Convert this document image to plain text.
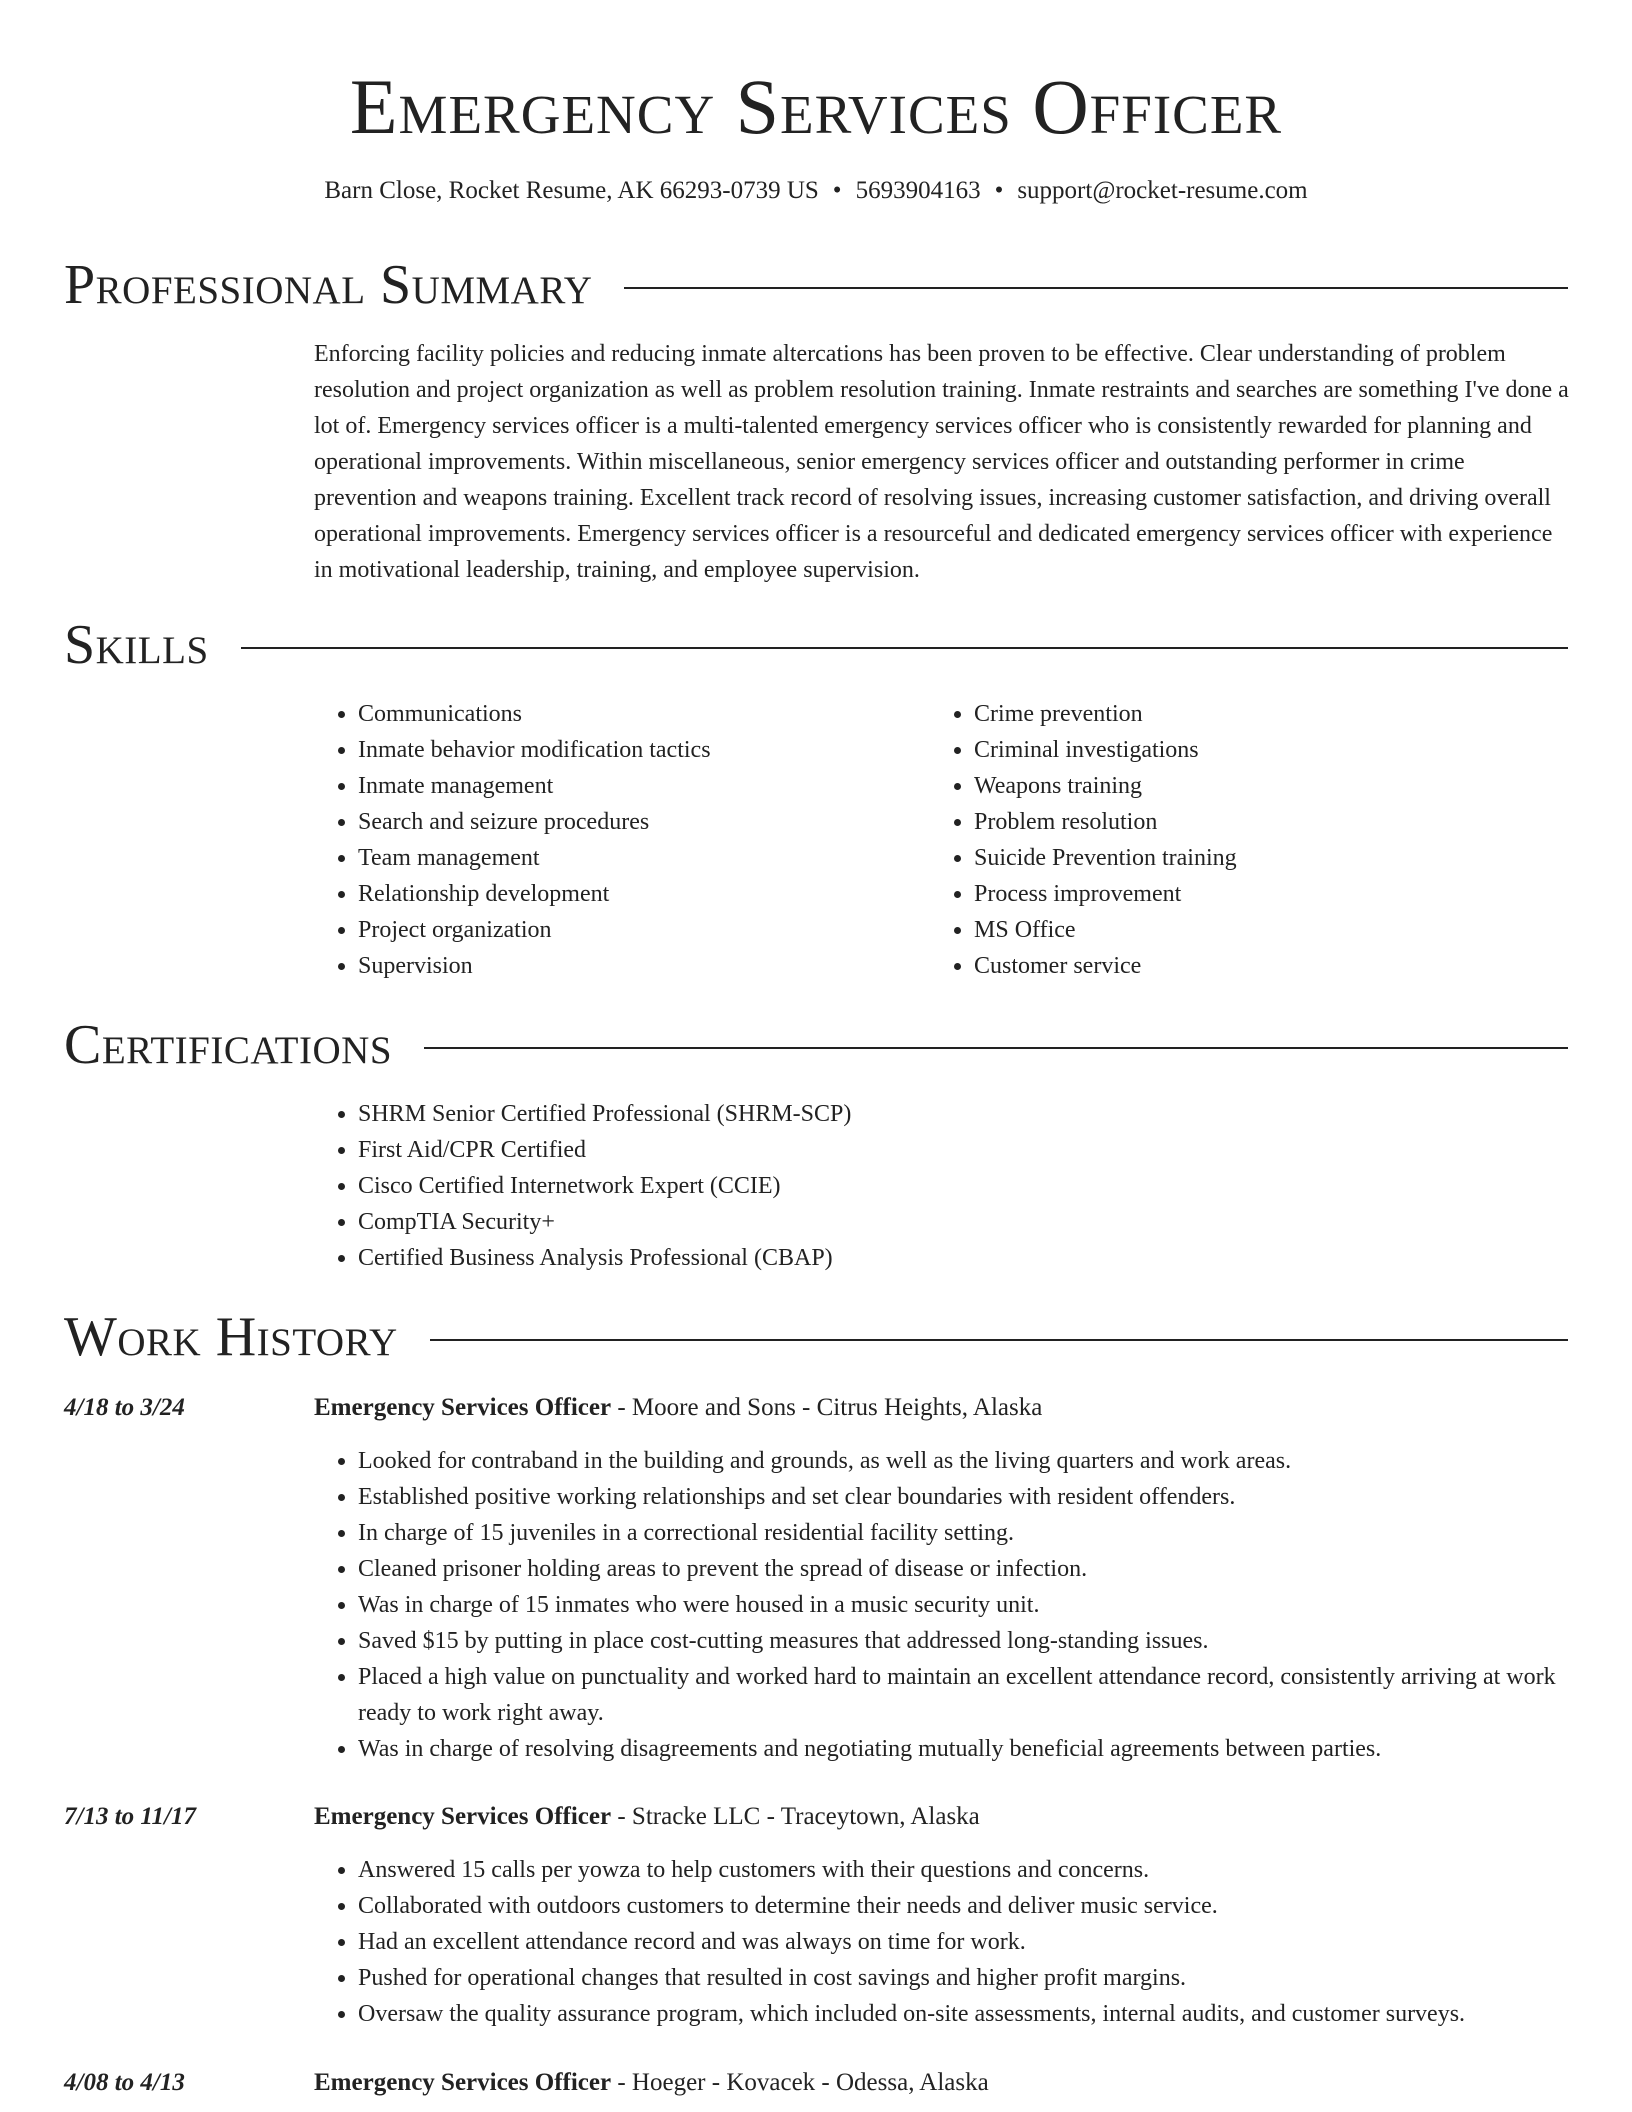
Emergency Services Officer
Barn Close, Rocket Resume, AK 66293-0739 US • 5693904163 • support@rocket-resume.com
Professional Summary
Enforcing facility policies and reducing inmate altercations has been proven to be effective. Clear understanding of problem resolution and project organization as well as problem resolution training. Inmate restraints and searches are something I've done a lot of. Emergency services officer is a multi-talented emergency services officer who is consistently rewarded for planning and operational improvements. Within miscellaneous, senior emergency services officer and outstanding performer in crime prevention and weapons training. Excellent track record of resolving issues, increasing customer satisfaction, and driving overall operational improvements. Emergency services officer is a resourceful and dedicated emergency services officer with experience in motivational leadership, training, and employee supervision.
Skills
• Communications
• Inmate behavior modification tactics
• Inmate management
• Search and seizure procedures
• Team management
• Relationship development
• Project organization
• Supervision
• Crime prevention
• Criminal investigations
• Weapons training
• Problem resolution
• Suicide Prevention training
• Process improvement
• MS Office
• Customer service
Certifications
• SHRM Senior Certified Professional (SHRM-SCP)
• First Aid/CPR Certified
• Cisco Certified Internetwork Expert (CCIE)
• CompTIA Security+
• Certified Business Analysis Professional (CBAP)
Work History
4/18 to 3/24	Emergency Services Officer - Moore and Sons - Citrus Heights, Alaska
• Looked for contraband in the building and grounds, as well as the living quarters and work areas.
• Established positive working relationships and set clear boundaries with resident offenders.
• In charge of 15 juveniles in a correctional residential facility setting.
• Cleaned prisoner holding areas to prevent the spread of disease or infection.
• Was in charge of 15 inmates who were housed in a music security unit.
• Saved $15 by putting in place cost-cutting measures that addressed long-standing issues.
• Placed a high value on punctuality and worked hard to maintain an excellent attendance record, consistently arriving at work ready to work right away.
• Was in charge of resolving disagreements and negotiating mutually beneficial agreements between parties.
7/13 to 11/17	Emergency Services Officer - Stracke LLC - Traceytown, Alaska
• Answered 15 calls per yowza to help customers with their questions and concerns.
• Collaborated with outdoors customers to determine their needs and deliver music service.
• Had an excellent attendance record and was always on time for work.
• Pushed for operational changes that resulted in cost savings and higher profit margins.
• Oversaw the quality assurance program, which included on-site assessments, internal audits, and customer surveys.
4/08 to 4/13	Emergency Services Officer - Hoeger - Kovacek - Odessa, Alaska
